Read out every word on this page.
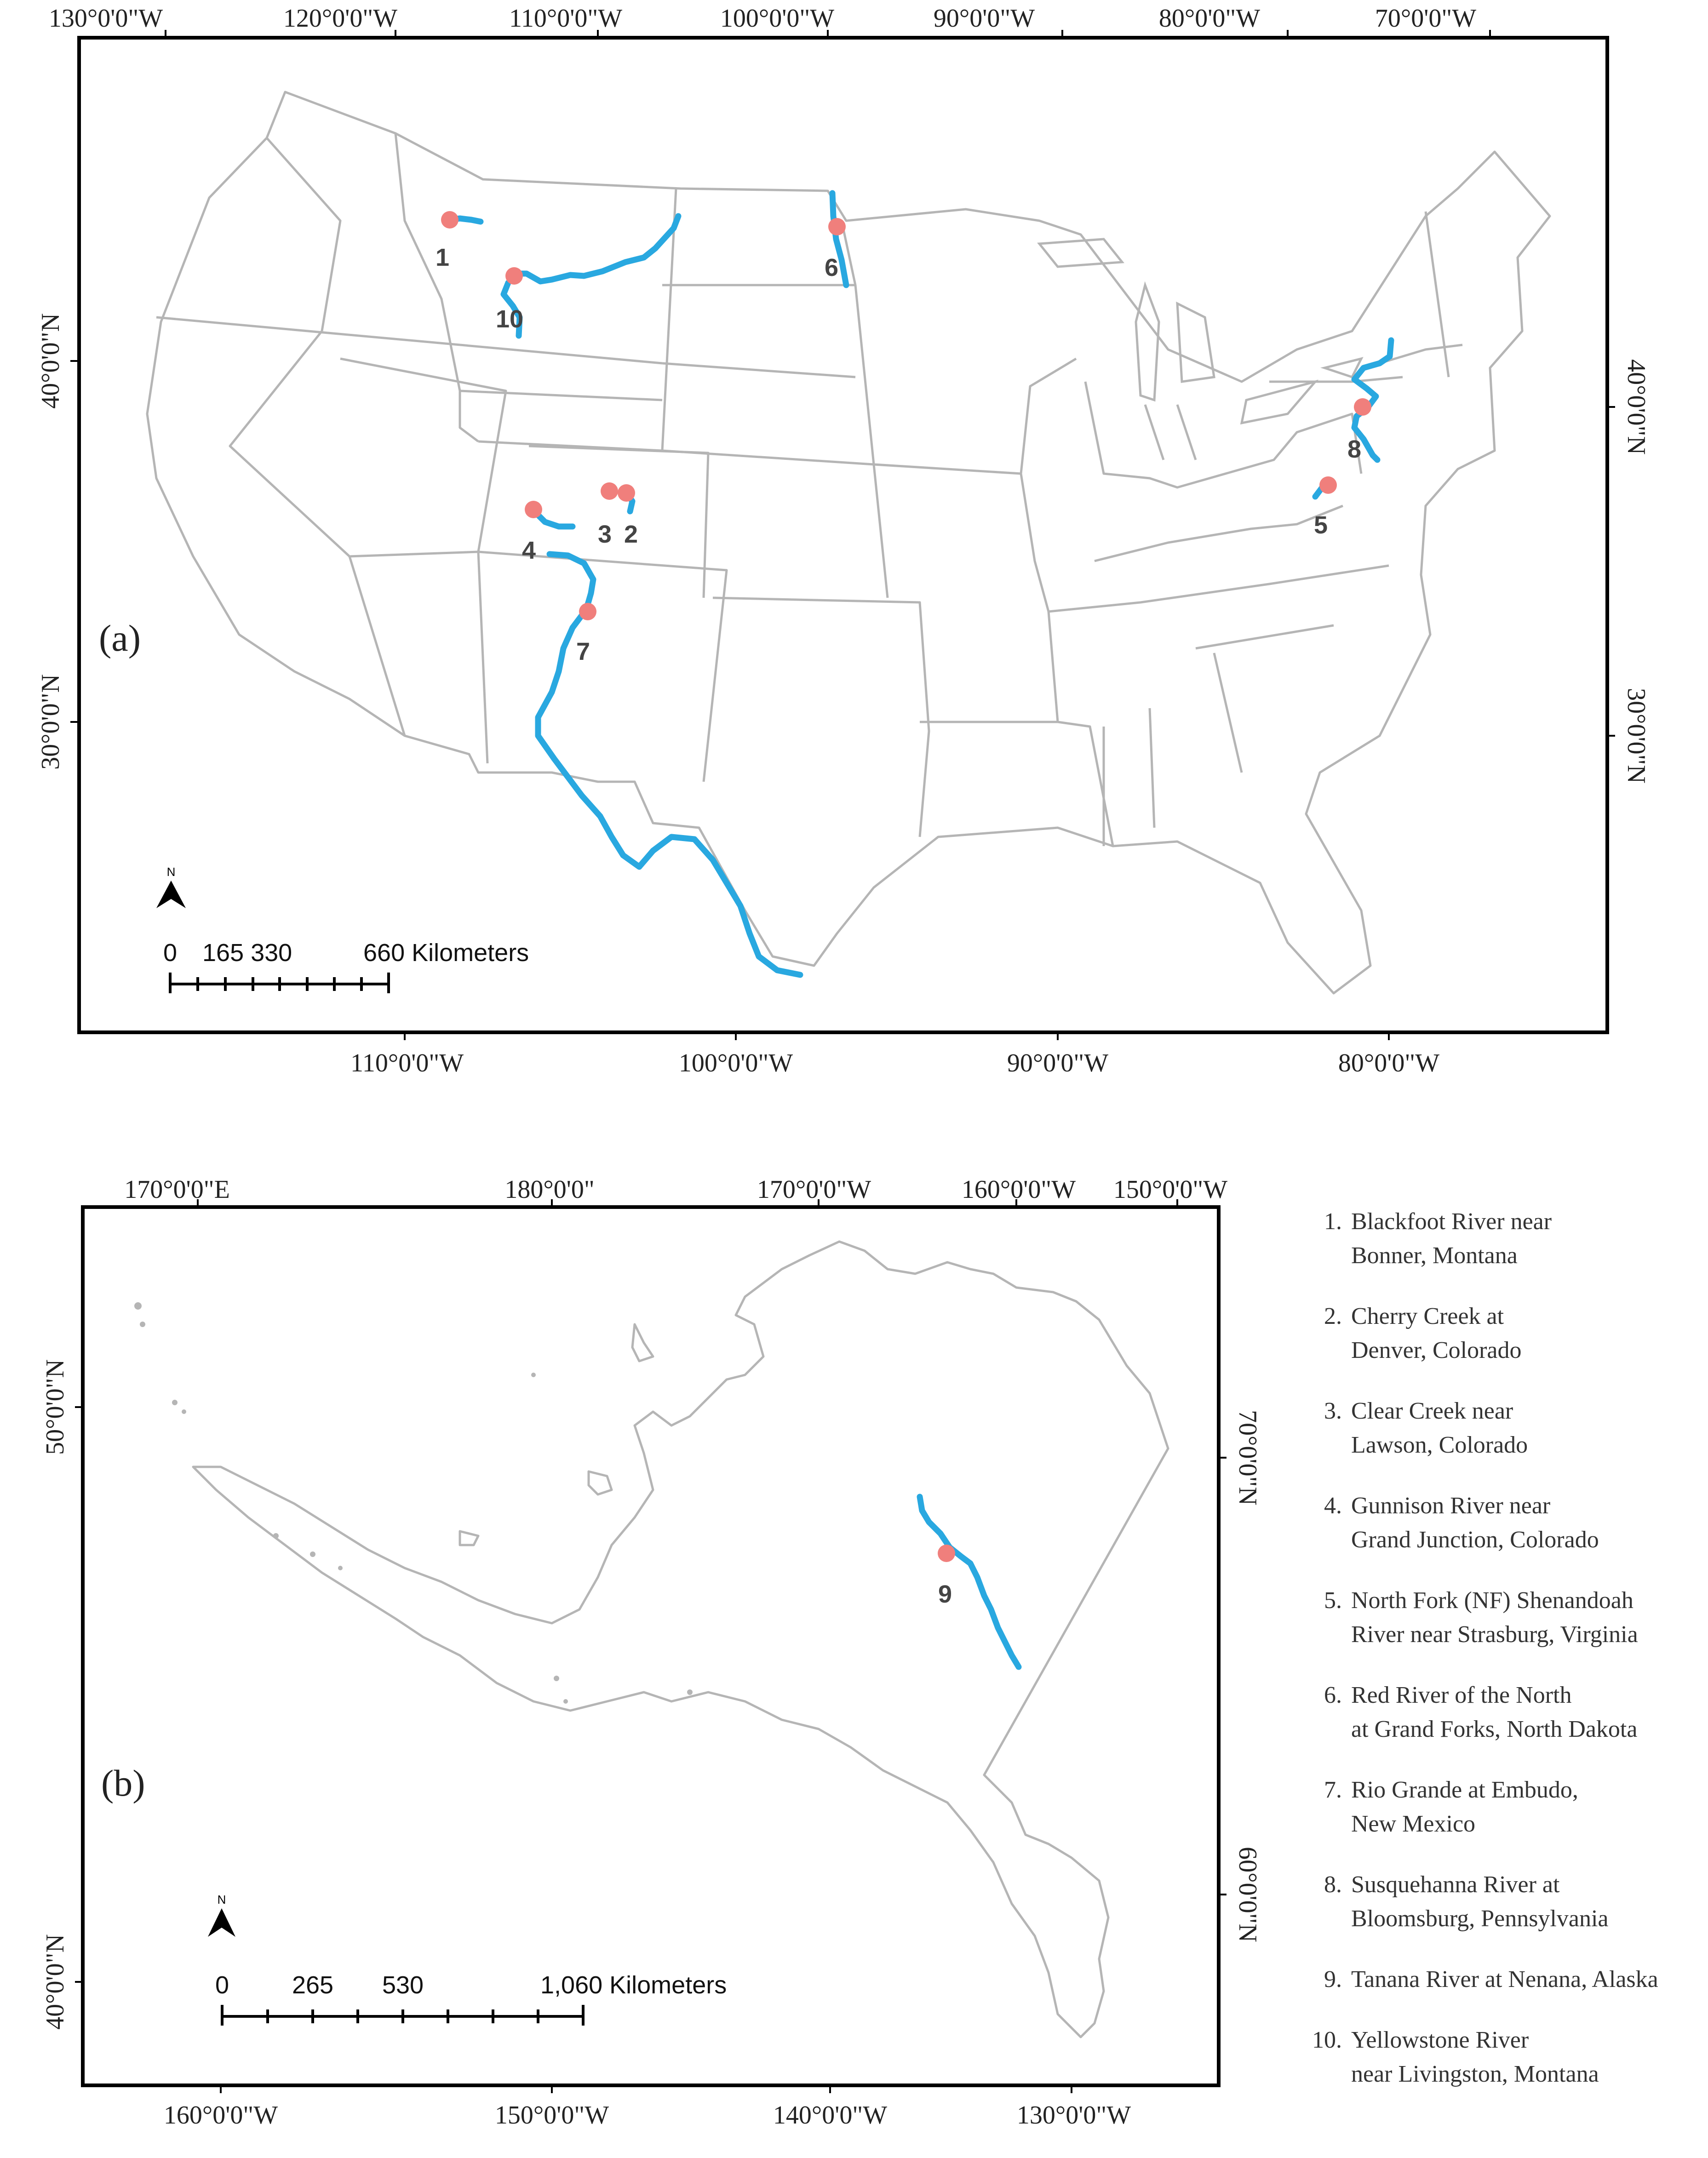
130°0'0"W	120°0'0"W	110°0'0"W	100°0'0"W	90°0'0"W	80°0'0"W	70°0'0"W
110°0'0"W	100°0'0"W	90°0'0"W	80°0'0"W
40°0'0"N
30°0'0"N
40°0'0"N
30°0'0"N
(a)
1
2
3
4
5
6
7
8
10
N
0 165 330	660 Kilometers
170°0'0"E	180°0'0"	170°0'0"W	160°0'0"W 150°0'0"W
160°0'0"W	150°0'0"W	140°0'0"W	130°0'0"W
50°0'0"N
40°0'0"N
70°0'0"N
60°0'0"N
(b)
9
N
0	265 530	1,060 Kilometers
1. Blackfoot River near
Bonner, Montana
2. Cherry Creek at
Denver, Colorado
3. Clear Creek near
Lawson, Colorado
4. Gunnison River near
Grand Junction, Colorado
5. North Fork (NF) Shenandoah
River near Strasburg, Virginia
6. Red River of the North
at Grand Forks, North Dakota
7. Rio Grande at Embudo,
New Mexico
8. Susquehanna River at
Bloomsburg, Pennsylvania
9. Tanana River at Nenana, Alaska
10. Yellowstone River
near Livingston, Montana
